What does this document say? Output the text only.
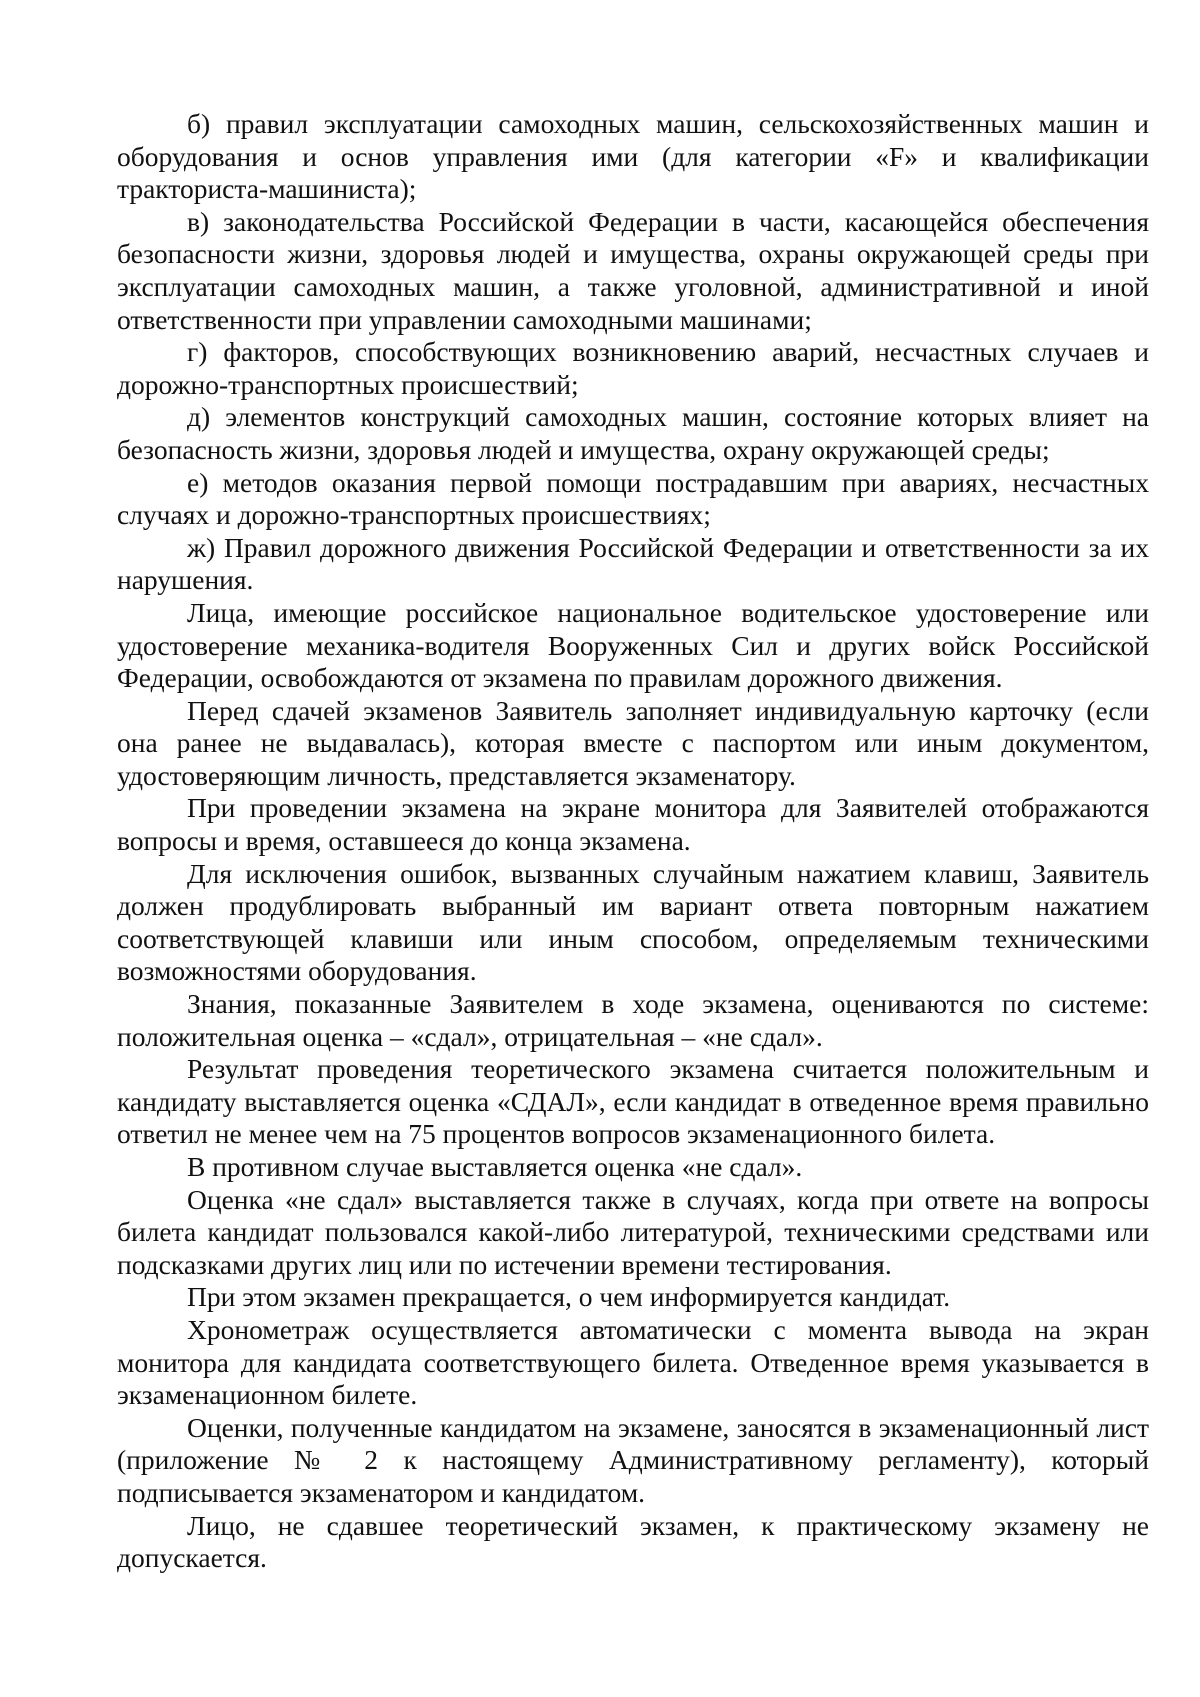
б) правил эксплуатации самоходных машин, сельскохозяйственных машин и оборудования и основ управления ими (для категории «F» и квалификации тракториста-машиниста);

в) законодательства Российской Федерации в части, касающейся обеспечения безопасности жизни, здоровья людей и имущества, охраны окружающей среды при эксплуатации самоходных машин, а также уголовной, административной и иной ответственности при управлении самоходными машинами;

г) факторов, способствующих возникновению аварий, несчастных случаев и дорожно-транспортных происшествий;

д) элементов конструкций самоходных машин, состояние которых влияет на безопасность жизни, здоровья людей и имущества, охрану окружающей среды;

е) методов оказания первой помощи пострадавшим при авариях, несчастных случаях и дорожно-транспортных происшествиях;

ж) Правил дорожного движения Российской Федерации и ответственности за их нарушения.

Лица, имеющие российское национальное водительское удостоверение или удостоверение механика-водителя Вооруженных Сил и других войск Российской Федерации, освобождаются от экзамена по правилам дорожного движения.

Перед сдачей экзаменов Заявитель заполняет индивидуальную карточку (если она ранее не выдавалась), которая вместе с паспортом или иным документом, удостоверяющим личность, представляется экзаменатору.

При проведении экзамена на экране монитора для Заявителей отображаются вопросы и время, оставшееся до конца экзамена.

Для исключения ошибок, вызванных случайным нажатием клавиш, Заявитель должен продублировать выбранный им вариант ответа повторным нажатием соответствующей клавиши или иным способом, определяемым техническими возможностями оборудования.

Знания, показанные Заявителем в ходе экзамена, оцениваются по системе: положительная оценка – «сдал», отрицательная – «не сдал».

Результат проведения теоретического экзамена считается положительным и кандидату выставляется оценка «СДАЛ», если кандидат в отведенное время правильно ответил не менее чем на 75 процентов вопросов экзаменационного билета.

В противном случае выставляется оценка «не сдал».

Оценка «не сдал» выставляется также в случаях, когда при ответе на вопросы билета кандидат пользовался какой-либо литературой, техническими средствами или подсказками других лиц или по истечении времени тестирования.

При этом экзамен прекращается, о чем информируется кандидат.

Хронометраж осуществляется автоматически с момента вывода на экран монитора для кандидата соответствующего билета. Отведенное время указывается в экзаменационном билете.

Оценки, полученные кандидатом на экзамене, заносятся в экзаменационный лист (приложение № 2 к настоящему Административному регламенту), который подписывается экзаменатором и кандидатом.

Лицо, не сдавшее теоретический экзамен, к практическому экзамену не допускается.
